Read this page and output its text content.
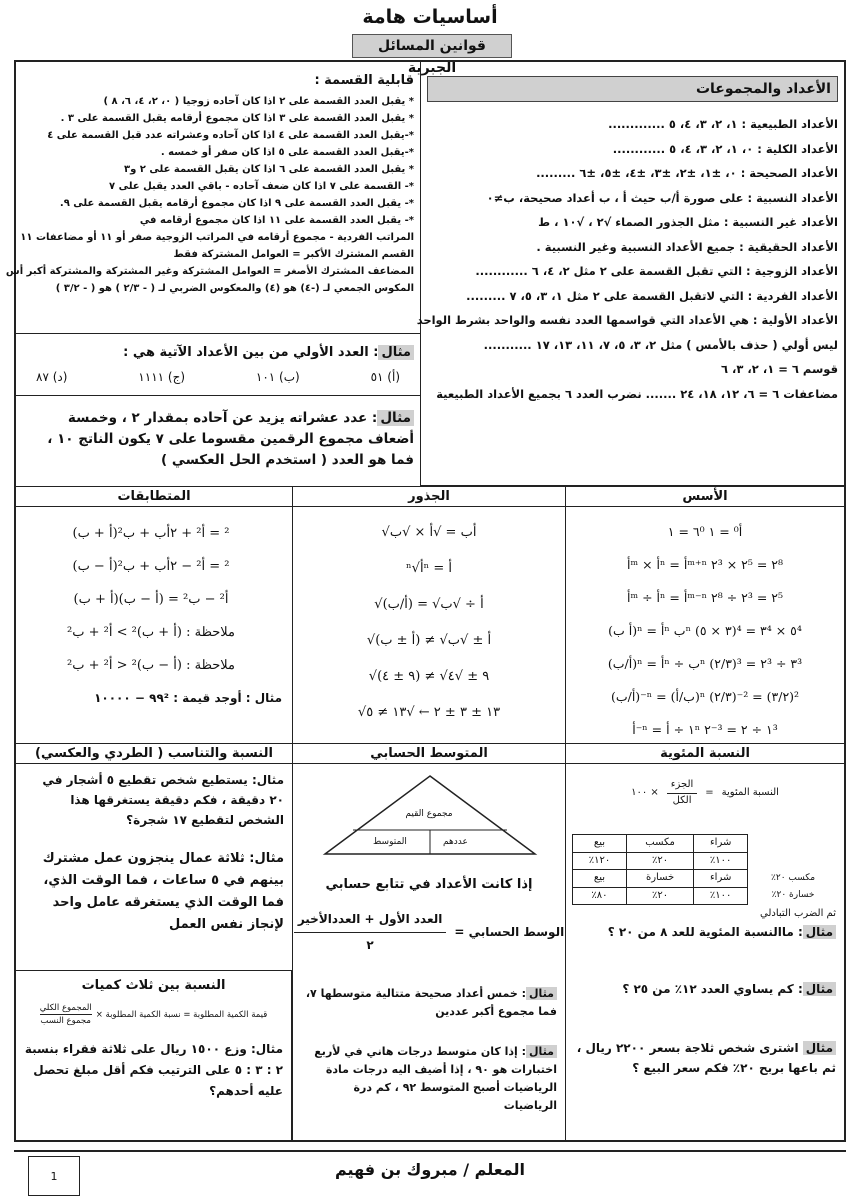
أساسيات هامة
قوانين المسائل الجبرية
الأعداد والمجموعات
الأعداد الطبيعية : ١، ٢، ٣، ٤، ٥ .............
الأعداد الكلية : ٠، ١، ٢، ٣، ٤، ٥ ............
الأعداد الصحيحة : ٠، ±١، ±٢، ±٣، ±٤، ±٥، ±٦ .........
الأعداد النسبية : على صورة أ/ب حيث أ ، ب أعداد صحيحة، ب≠٠
الأعداد غير النسبية : مثل الجذور الصماء √٢ ، √١٠ ، ط
الأعداد الحقيقية : جميع الأعداد النسبية وغير النسبية .
الأعداد الزوجية : التي تقبل القسمة على ٢ مثل ٢، ٤، ٦ ............
الأعداد الفردية : التي لاتقبل القسمة على ٢ مثل ١، ٣، ٥، ٧ .........
الأعداد الأولية : هي الأعداد التي قواسمها العدد نفسه والواحد بشرط الواحد
ليس أولي ( حذف بالأمس ) مثل ٢، ٣، ٥، ٧، ١١، ١٣، ١٧ ...........
قوسم ٦ = ١، ٢، ٣، ٦
مضاعفات ٦ = ٦، ١٢، ١٨، ٢٤ ....... نضرب العدد ٦ بجميع الأعداد الطبيعية
قابلية القسمة :
* يقبل العدد القسمة على ٢ اذا كان آحاده زوجيا ( ٠، ٢، ٤، ٦، ٨ )
* يقبل العدد القسمة على ٣ اذا كان مجموع أرقامه يقبل القسمة على ٣ .
*-يقبل العدد القسمة على ٤ اذا كان آحاده وعشراته عدد قبل القسمة على ٤
*-يقبل العدد القسمة على ٥ اذا كان صفر أو خمسه .
* يقبل العدد القسمة على ٦ اذا كان يقبل القسمة على ٢ و٣
*- القسمة على ٧ اذا كان ضعف آحاده - باقي العدد يقبل على ٧
*- يقبل العدد القسمة على ٩ اذا كان مجموع أرقامه يقبل القسمة على ٩.
*- يقبل العدد القسمة على ١١ اذا كان مجموع أرقامه في
المراتب الفردية - مجموع أرقامه في المراتب الزوجية صفر أو ١١ أو مضاعفات ١١
القسم المشترك الأكبر = العوامل المشتركة فقط
المضاعف المشترك الأصغر = العوامل المشتركة وغير المشتركة والمشتركة أكبر أس
المكوس الجمعي لـ (-٤) هو (٤) والمعكوس الضربي لـ ( - ٢/٣ ) هو ( - ٣/٢ )
مثال: العدد الأولي من بين الأعداد الآتية هي :
(أ) ٥١
(ب) ١٠١
(ج) ١١١١
(د) ٨٧
مثال: عدد عشراته يزيد عن آحاده بمقدار ٢ ، وخمسة أضعاف مجموع الرقمين مقسوما على ٧ يكون الناتج ١٠ ، فما هو العدد ( استخدم الحل العكسي )
الأسس
أ⁰ = ١ ٦⁰ = ١
أᵐ × أⁿ = أᵐ⁺ⁿ ٢³ × ٢⁵ = ٢⁸
أᵐ ÷ أⁿ = أᵐ⁻ⁿ ٢⁸ ÷ ٢³ = ٢⁵
(أ ب)ⁿ = أⁿ بⁿ (٣ × ٥)⁴ = ٣⁴ × ٥⁴
(أ/ب)ⁿ = أⁿ ÷ بⁿ (٢/٣)³ = ٢³ ÷ ٣³
(أ/ب)⁻ⁿ = (ب/أ)ⁿ (٢/٣)⁻² = (٣/٢)²
أ⁻ⁿ = ١ ÷ أⁿ ٢⁻³ = ١ ÷ ٢³
الجذور
√أب = √أ × √ب
ⁿ√أⁿ = أ
√(أ/ب) = √أ ÷ √ب
√(أ ± ب) ≠ √أ ± √ب
√(٩ ± ٤) ≠ √٩ ± √٤
√١٣ ± ٣ ± ٢ ← √١٣ ≠ ٥
المتطابقات
(أ + ب)² = أ² + ٢أب + ب²
(أ − ب)² = أ² − ٢أب + ب²
أ² − ب² = (أ − ب)(أ + ب)
ملاحظة : (أ + ب)² > أ² + ب²
ملاحظة : (أ − ب)² < أ² + ب²
مثال : أوجد قيمة : ٩٩² − ١٠٠٠٠
النسبة المئوية
النسبة المئوية
=
الجزء
الكل
× ١٠٠
	شراء	مكسب	بيع
	١٠٠٪	٢٠٪	١٢٠٪
مكسب ٢٠٪	شراء	خسارة	بيع
خسارة ٢٠٪	١٠٠٪	٢٠٪	٨٠٪
ثم الضرب التبادلي
مثال: ماالنسبة المئوية للعد ٨ من ٢٠ ؟
مثال: كم يساوي العدد ١٢٪ من ٢٥ ؟
مثال اشترى شخص ثلاجة بسعر ٢٢٠٠ ريال ، ثم باعها بربح ٢٠٪ فكم سعر البيع ؟
المتوسط الحسابي
مجموع القيم
المتوسط	عددهم
إذا كانت الأعداد في تتابع حسابي
الوسط الحسابي =
العدد الأول + العددالأخير
٢
مثال: خمس أعداد صحيحة متتالية متوسطها ٧، فما مجموع أكبر عددين
مثال: إذا كان متوسط درجات هاني في لأربع اختبارات هو ٩٠ ، إذا أضيف اليه درجات مادة الرياضيات أصبح المتوسط ٩٢ ، كم درة الرياضيات
النسبة والتناسب ( الطردي والعكسي)
مثال: يستطيع شخص تقطيع ٥ أشجار في ٢٠ دقيقة ، فكم دقيقة يستغرقها هذا الشخص لتقطيع ١٧ شجرة؟
مثال: ثلاثة عمال ينجزون عمل مشترك بينهم في ٥ ساعات ، فما الوقت الذي، فما الوقت الذي يستغرقه عامل واحد لإنجاز نفس العمل
النسبة بين ثلاث كميات
قيمة الكمية المطلوبة = نسبة الكمية المطلوبة ×
المجموع الكلي
مجموع النسب
مثال: وزع ١٥٠٠ ريال على ثلاثة فقراء بنسبة ٢ : ٣ : ٥ على الترتيب فكم أقل مبلغ تحصل عليه أحدهم؟
المعلم / مبروك بن فهيم
1
